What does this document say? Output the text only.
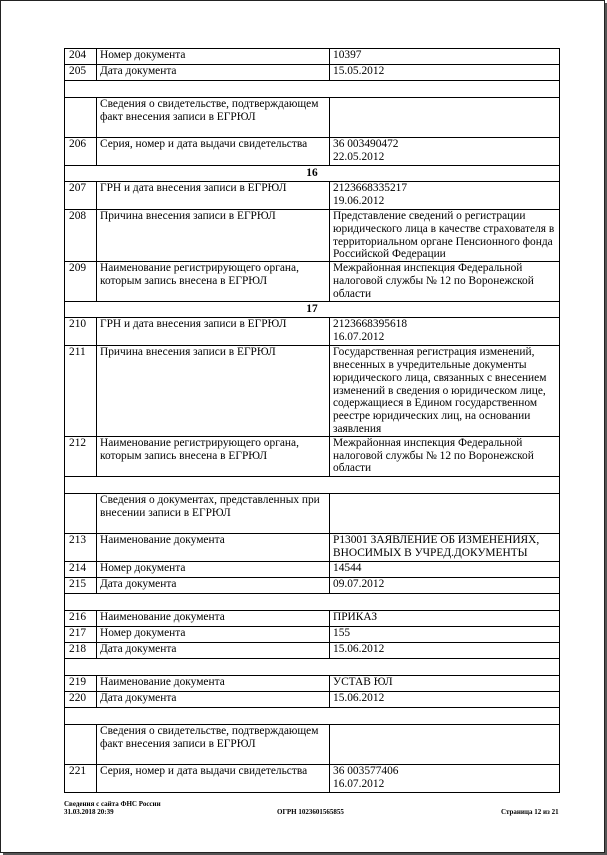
204	Номер документа	10397
205	Дата документа	15.05.2012

	Сведения о свидетельстве, подтверждающем факт внесения записи в ЕГРЮЛ	
206	Серия, номер и дата выдачи свидетельства	36 003490472
22.05.2012
16		
207	ГРН и дата внесения записи в ЕГРЮЛ	2123668335217
19.06.2012
208	Причина внесения записи в ЕГРЮЛ	Представление сведений о регистрации юридического лица в качестве страхователя в территориальном органе Пенсионного фонда Российской Федерации
209	Наименование регистрирующего органа, которым запись внесена в ЕГРЮЛ	Межрайонная инспекция Федеральной налоговой службы № 12 по Воронежской области
17		
210	ГРН и дата внесения записи в ЕГРЮЛ	2123668395618
16.07.2012
211	Причина внесения записи в ЕГРЮЛ	Государственная регистрация изменений, внесенных в учредительные документы юридического лица, связанных с внесением изменений в сведения о юридическом лице, содержащиеся в Едином государственном реестре юридических лиц, на основании заявления
212	Наименование регистрирующего органа, которым запись внесена в ЕГРЮЛ	Межрайонная инспекция Федеральной налоговой службы № 12 по Воронежской области

	Сведения о документах, представленных при внесении записи в ЕГРЮЛ	
213	Наименование документа	Р13001 ЗАЯВЛЕНИЕ ОБ ИЗМЕНЕНИЯХ, ВНОСИМЫХ В УЧРЕД.ДОКУМЕНТЫ
214	Номер документа	14544
215	Дата документа	09.07.2012

216	Наименование документа	ПРИКАЗ
217	Номер документа	155
218	Дата документа	15.06.2012

219	Наименование документа	УСТАВ ЮЛ
220	Дата документа	15.06.2012

	Сведения о свидетельстве, подтверждающем факт внесения записи в ЕГРЮЛ	
221	Серия, номер и дата выдачи свидетельства	36 003577406
16.07.2012
Сведения с сайта ФНС России
31.03.2018 20:39	ОГРН 1023601565855	Страница 12 из 21
